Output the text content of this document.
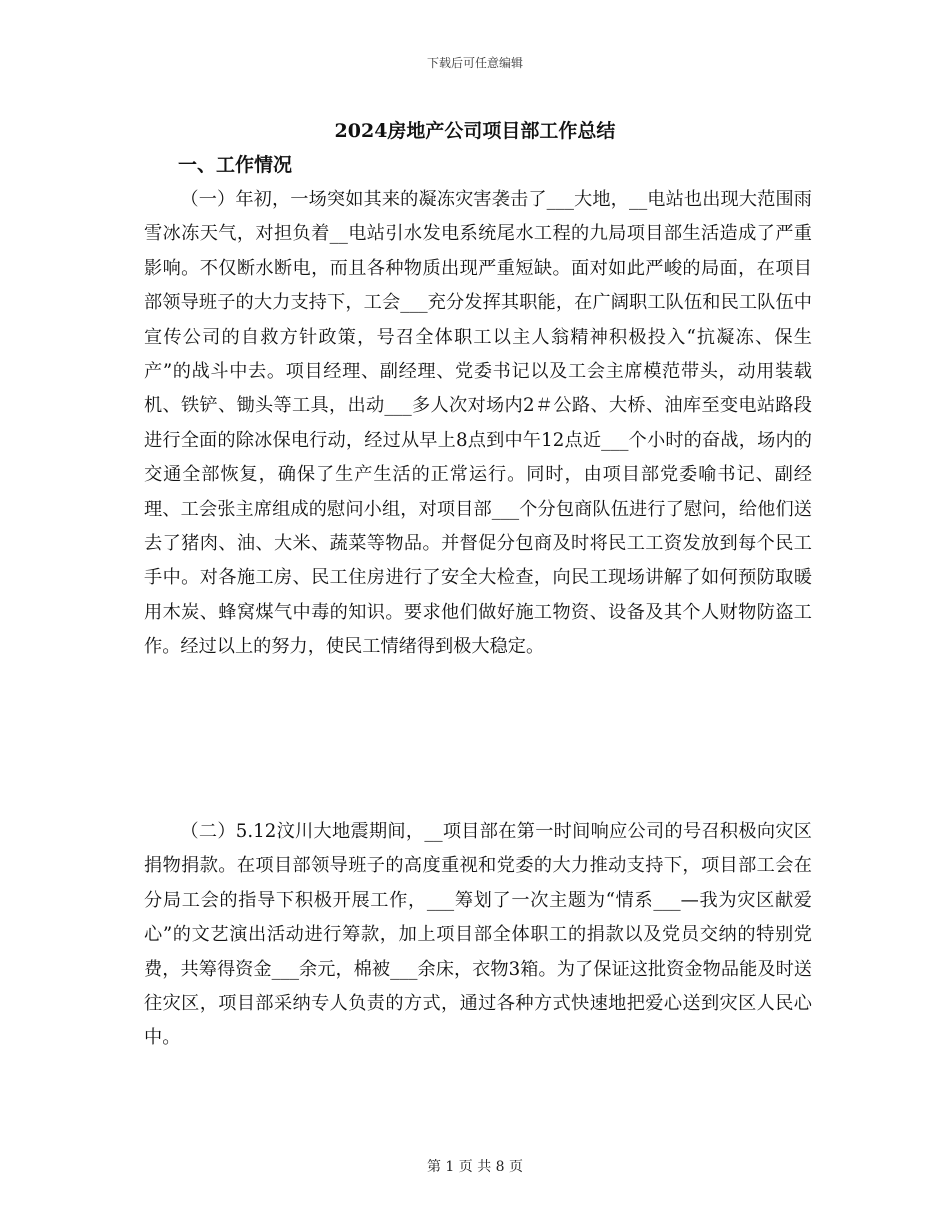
下载后可任意编辑
2024房地产公司项目部工作总结
一、工作情况

（一）年初，一场突如其来的凝冻灾害袭击了___大地，__电站也出现大范围雨雪冰冻天气，对担负着__电站引水发电系统尾水工程的九局项目部生活造成了严重影响。不仅断水断电，而且各种物质出现严重短缺。面对如此严峻的局面，在项目部领导班子的大力支持下，工会___充分发挥其职能，在广阔职工队伍和民工队伍中宣传公司的自救方针政策，号召全体职工以主人翁精神积极投入“抗凝冻、保生产”的战斗中去。项目经理、副经理、党委书记以及工会主席模范带头，动用装载机、铁铲、锄头等工具，出动___多人次对场内2＃公路、大桥、油库至变电站路段进行全面的除冰保电行动，经过从早上8点到中午12点近___个小时的奋战，场内的交通全部恢复，确保了生产生活的正常运行。同时，由项目部党委喻书记、副经理、工会张主席组成的慰问小组，对项目部___个分包商队伍进行了慰问，给他们送去了猪肉、油、大米、蔬菜等物品。并督促分包商及时将民工工资发放到每个民工手中。对各施工房、民工住房进行了安全大检查，向民工现场讲解了如何预防取暖用木炭、蜂窝煤气中毒的知识。要求他们做好施工物资、设备及其个人财物防盗工作。经过以上的努力，使民工情绪得到极大稳定。

（二）5.12汶川大地震期间，__项目部在第一时间响应公司的号召积极向灾区捐物捐款。在项目部领导班子的高度重视和党委的大力推动支持下，项目部工会在分局工会的指导下积极开展工作，___筹划了一次主题为“情系___—我为灾区献爱心”的文艺演出活动进行筹款，加上项目部全体职工的捐款以及党员交纳的特别党费，共筹得资金___余元，棉被___余床，衣物3箱。为了保证这批资金物品能及时送往灾区，项目部采纳专人负责的方式，通过各种方式快速地把爱心送到灾区人民心中。

第 1 页 共 8 页
